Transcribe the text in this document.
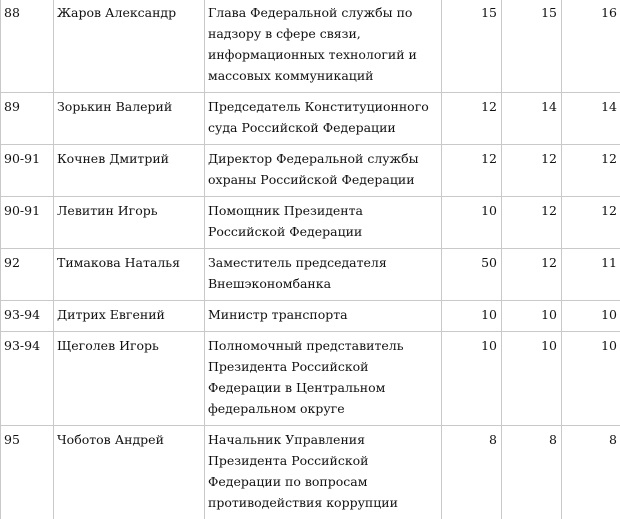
88	Жаров Александр	Глава Федеральной службы по надзору в сфере связи, информационных технологий и массовых коммуникаций	15	15	16
89	Зорькин Валерий	Председатель Конституционного суда Российской Федерации	12	14	14
90-91	Кочнев Дмитрий	Директор Федеральной службы охраны Российской Федерации	12	12	12
90-91	Левитин Игорь	Помощник Президента Российской Федерации	10	12	12
92	Тимакова Наталья	Заместитель председателя Внешэкономбанка	50	12	11
93-94	Дитрих Евгений	Министр транспорта	10	10	10
93-94	Щеголев Игорь	Полномочный представитель Президента Российской Федерации в Центральном федеральном округе	10	10	10
95	Чоботов Андрей	Начальник Управления Президента Российской Федерации по вопросам противодействия коррупции	8	8	8
